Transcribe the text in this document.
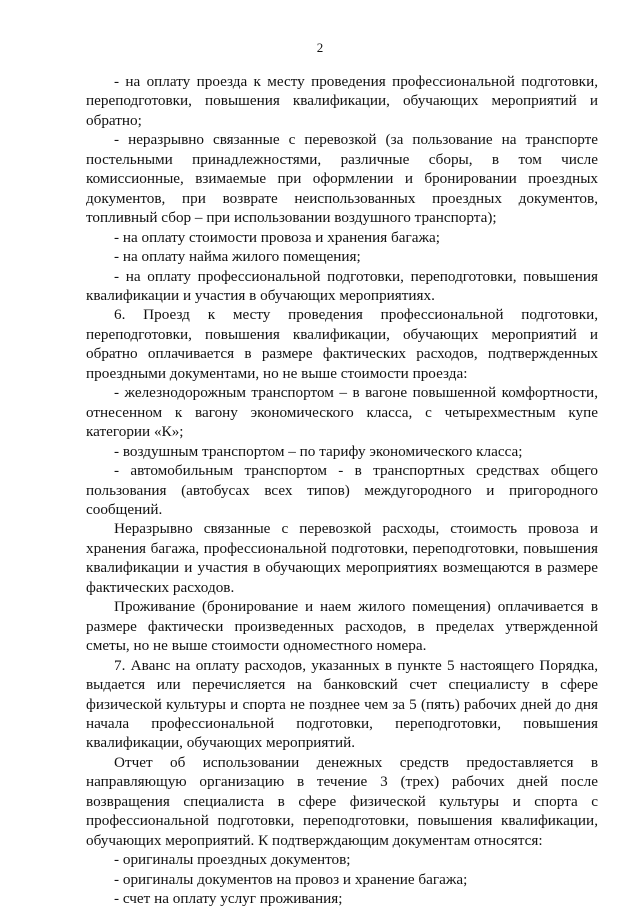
2

- на оплату проезда к месту проведения профессиональной подготовки, переподготовки, повышения квалификации, обучающих мероприятий и обратно;

- неразрывно связанные с перевозкой (за пользование на транспорте постельными принадлежностями, различные сборы, в том числе комиссионные, взимаемые при оформлении и бронировании проездных документов, при возврате неиспользованных проездных документов, топливный сбор – при использовании воздушного транспорта);

- на оплату стоимости провоза и хранения багажа;

- на оплату найма жилого помещения;

- на оплату профессиональной подготовки, переподготовки, повышения квалификации и участия в обучающих мероприятиях.

6. Проезд к месту проведения профессиональной подготовки, переподготовки, повышения квалификации, обучающих мероприятий и обратно оплачивается в размере фактических расходов, подтвержденных проездными документами, но не выше стоимости проезда:

- железнодорожным транспортом – в вагоне повышенной комфортности, отнесенном к вагону экономического класса, с четырехместным купе категории «К»;

- воздушным транспортом – по тарифу экономического класса;

- автомобильным транспортом - в транспортных средствах общего пользования (автобусах всех типов) междугородного и пригородного сообщений.

Неразрывно связанные с перевозкой расходы, стоимость провоза и хранения багажа, профессиональной подготовки, переподготовки, повышения квалификации и участия в обучающих мероприятиях возмещаются в размере фактических расходов.

Проживание (бронирование и наем жилого помещения) оплачивается в размере фактически произведенных расходов, в пределах утвержденной сметы, но не выше стоимости одноместного номера.

7. Аванс на оплату расходов, указанных в пункте 5 настоящего Порядка, выдается или перечисляется на банковский счет специалисту в сфере физической культуры и спорта не позднее чем за 5 (пять) рабочих дней до дня начала профессиональной подготовки, переподготовки, повышения квалификации, обучающих мероприятий.

Отчет об использовании денежных средств предоставляется в направляющую организацию в течение 3 (трех) рабочих дней после возвращения специалиста в сфере физической культуры и спорта с профессиональной подготовки, переподготовки, повышения квалификации, обучающих мероприятий. К подтверждающим документам относятся:

- оригиналы проездных документов;

- оригиналы документов на провоз и хранение багажа;

- счет на оплату услуг проживания;
